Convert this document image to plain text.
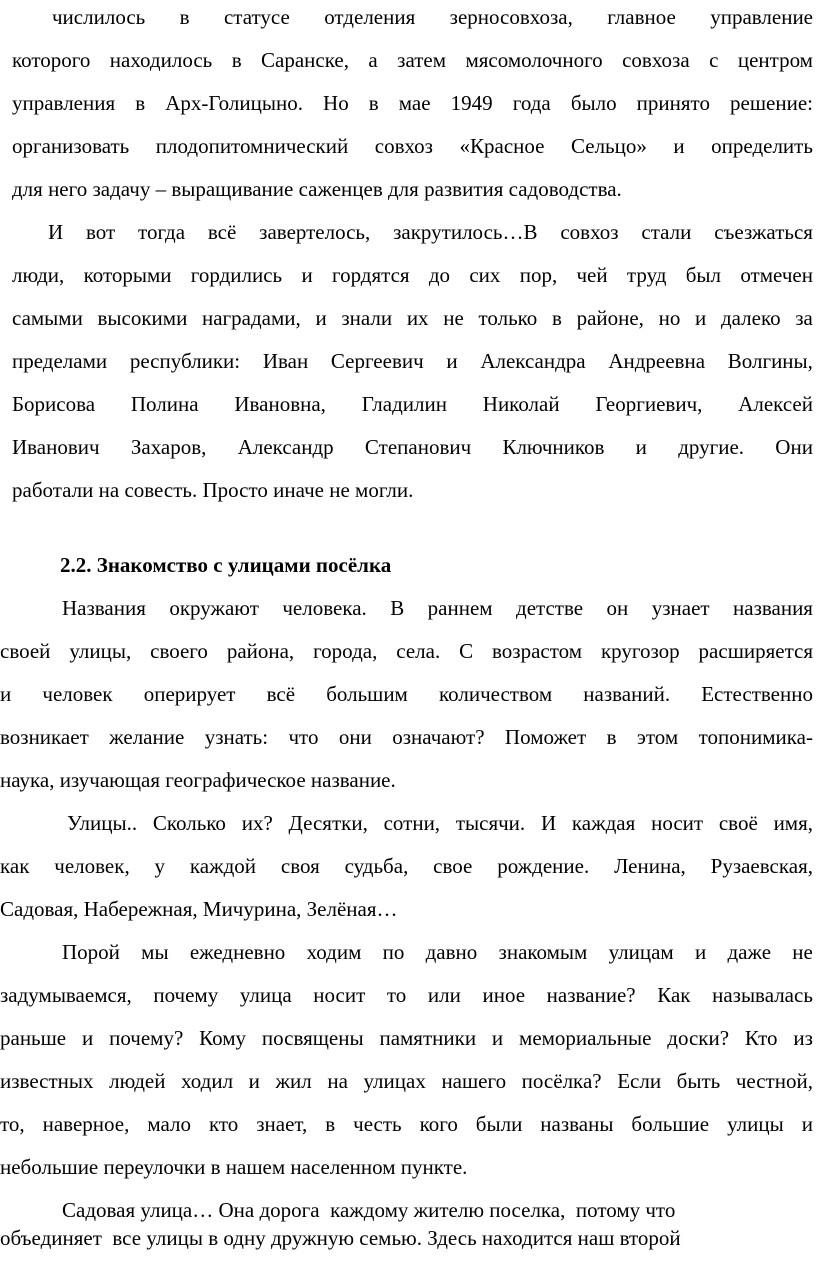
числилось в статусе отделения зерносовхоза, главное управление
которого находилось в Саранске, а затем мясомолочного совхоза с центром
управления в Арх-Голицыно. Но в мае 1949 года было принято решение:
организовать плодопитомнический совхоз «Красное Сельцо» и определить
для него задачу – выращивание саженцев для развития садоводства.
И вот тогда всё завертелось, закрутилось…В совхоз стали съезжаться
люди, которыми гордились и гордятся до сих пор, чей труд был отмечен
самыми высокими наградами, и знали их не только в районе, но и далеко за
пределами республики: Иван Сергеевич и Александра Андреевна Волгины,
Борисова Полина Ивановна, Гладилин Николай Георгиевич, Алексей
Иванович Захаров, Александр Степанович Ключников и другие. Они
работали на совесть. Просто иначе не могли.
2.2. Знакомство с улицами посёлка
Названия окружают человека. В раннем детстве он узнает названия
своей улицы, своего района, города, села. С возрастом кругозор расширяется
и человек оперирует всё большим количеством названий. Естественно
возникает желание узнать: что они означают? Поможет в этом топонимика-
наука, изучающая географическое название.
Улицы.. Сколько их? Десятки, сотни, тысячи. И каждая носит своё имя,
как человек, у каждой своя судьба, свое рождение. Ленина, Рузаевская,
Садовая, Набережная, Мичурина, Зелёная…
Порой мы ежедневно ходим по давно знакомым улицам и даже не
задумываемся, почему улица носит то или иное название? Как называлась
раньше и почему? Кому посвящены памятники и мемориальные доски? Кто из
известных людей ходил и жил на улицах нашего посёлка? Если быть честной,
то, наверное, мало кто знает, в честь кого были названы большие улицы и
небольшие переулочки в нашем населенном пункте.
Садовая улица… Она дорога  каждому жителю поселка,  потому что
объединяет  все улицы в одну дружную семью. Здесь находится наш второй
